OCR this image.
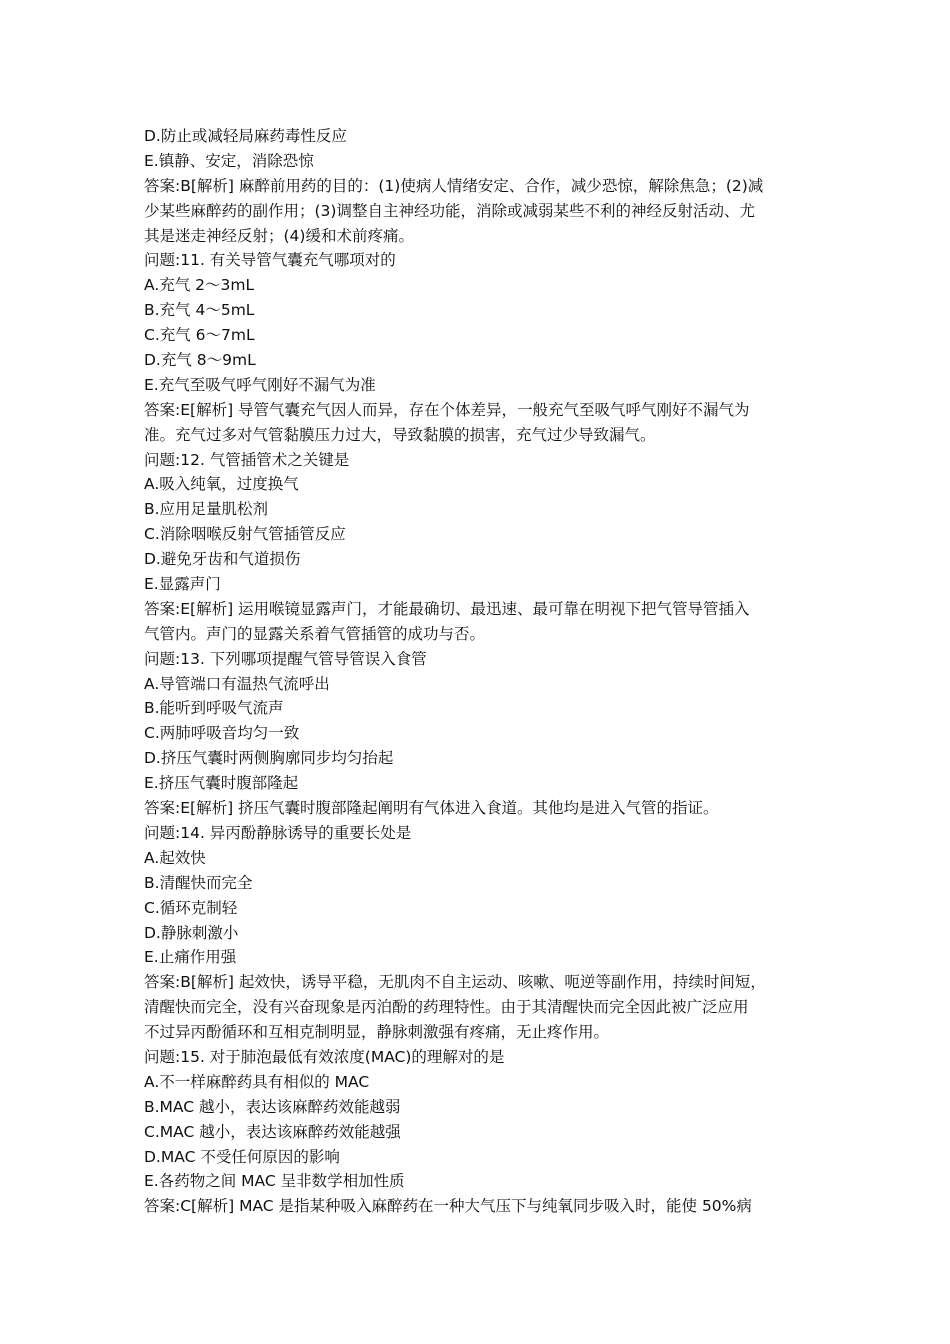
D.防止或减轻局麻药毒性反应
E.镇静、安定，消除恐惊
答案:B[解析] 麻醉前用药的目的：(1)使病人情绪安定、合作，减少恐惊，解除焦急；(2)减
少某些麻醉药的副作用；(3)调整自主神经功能，消除或减弱某些不利的神经反射活动、尤
其是迷走神经反射；(4)缓和术前疼痛。
问题:11. 有关导管气囊充气哪项对的
A.充气 2～3mL
B.充气 4～5mL
C.充气 6～7mL
D.充气 8～9mL
E.充气至吸气呼气刚好不漏气为准
答案:E[解析] 导管气囊充气因人而异，存在个体差异，一般充气至吸气呼气刚好不漏气为
准。充气过多对气管黏膜压力过大，导致黏膜的损害，充气过少导致漏气。
问题:12. 气管插管术之关键是
A.吸入纯氧，过度换气
B.应用足量肌松剂
C.消除咽喉反射气管插管反应
D.避免牙齿和气道损伤
E.显露声门
答案:E[解析] 运用喉镜显露声门，才能最确切、最迅速、最可靠在明视下把气管导管插入
气管内。声门的显露关系着气管插管的成功与否。
问题:13. 下列哪项提醒气管导管误入食管
A.导管端口有温热气流呼出
B.能听到呼吸气流声
C.两肺呼吸音均匀一致
D.挤压气囊时两侧胸廓同步均匀抬起
E.挤压气囊时腹部隆起
答案:E[解析] 挤压气囊时腹部隆起阐明有气体进入食道。其他均是进入气管的指证。
问题:14. 异丙酚静脉诱导的重要长处是
A.起效快
B.清醒快而完全
C.循环克制轻
D.静脉刺激小
E.止痛作用强
答案:B[解析] 起效快，诱导平稳，无肌肉不自主运动、咳嗽、呃逆等副作用，持续时间短，
清醒快而完全，没有兴奋现象是丙泊酚的药理特性。由于其清醒快而完全因此被广泛应用
不过异丙酚循环和互相克制明显，静脉刺激强有疼痛，无止疼作用。
问题:15. 对于肺泡最低有效浓度(MAC)的理解对的是
A.不一样麻醉药具有相似的 MAC
B.MAC 越小，表达该麻醉药效能越弱
C.MAC 越小，表达该麻醉药效能越强
D.MAC 不受任何原因的影响
E.各药物之间 MAC 呈非数学相加性质
答案:C[解析] MAC 是指某种吸入麻醉药在一种大气压下与纯氧同步吸入时，能使 50%病
